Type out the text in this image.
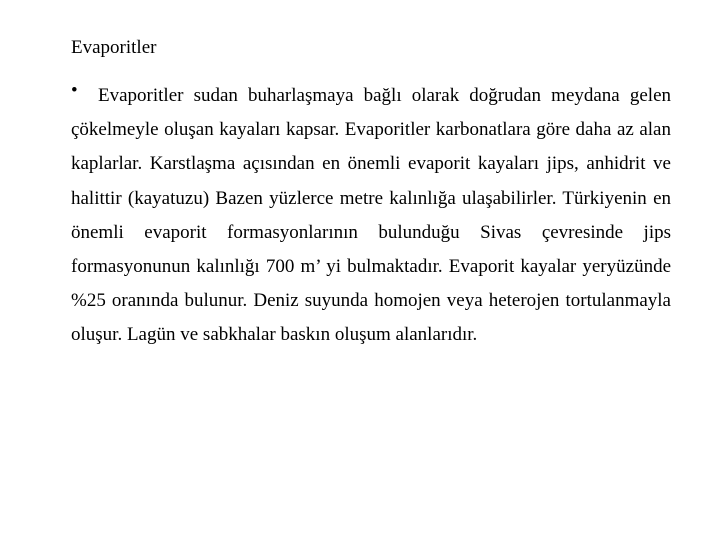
Evaporitler
•	Evaporitler sudan buharlaşmaya bağlı olarak doğrudan meydana gelen çökelmeyle oluşan kayaları kapsar. Evaporitler karbonatlara göre daha az alan kaplarlar. Karstlaşma açısından en önemli evaporit kayaları jips, anhidrit ve halittir (kayatuzu) Bazen yüzlerce metre kalınlığa ulaşabilirler. Türkiyenin en önemli evaporit formasyonlarının bulunduğu Sivas çevresinde jips formasyonunun kalınlığı 700 m’ yi bulmaktadır. Evaporit kayalar yeryüzünde %25 oranında bulunur. Deniz suyunda homojen veya heterojen tortulanmayla oluşur. Lagün ve sabkhalar baskın oluşum alanlarıdır.
